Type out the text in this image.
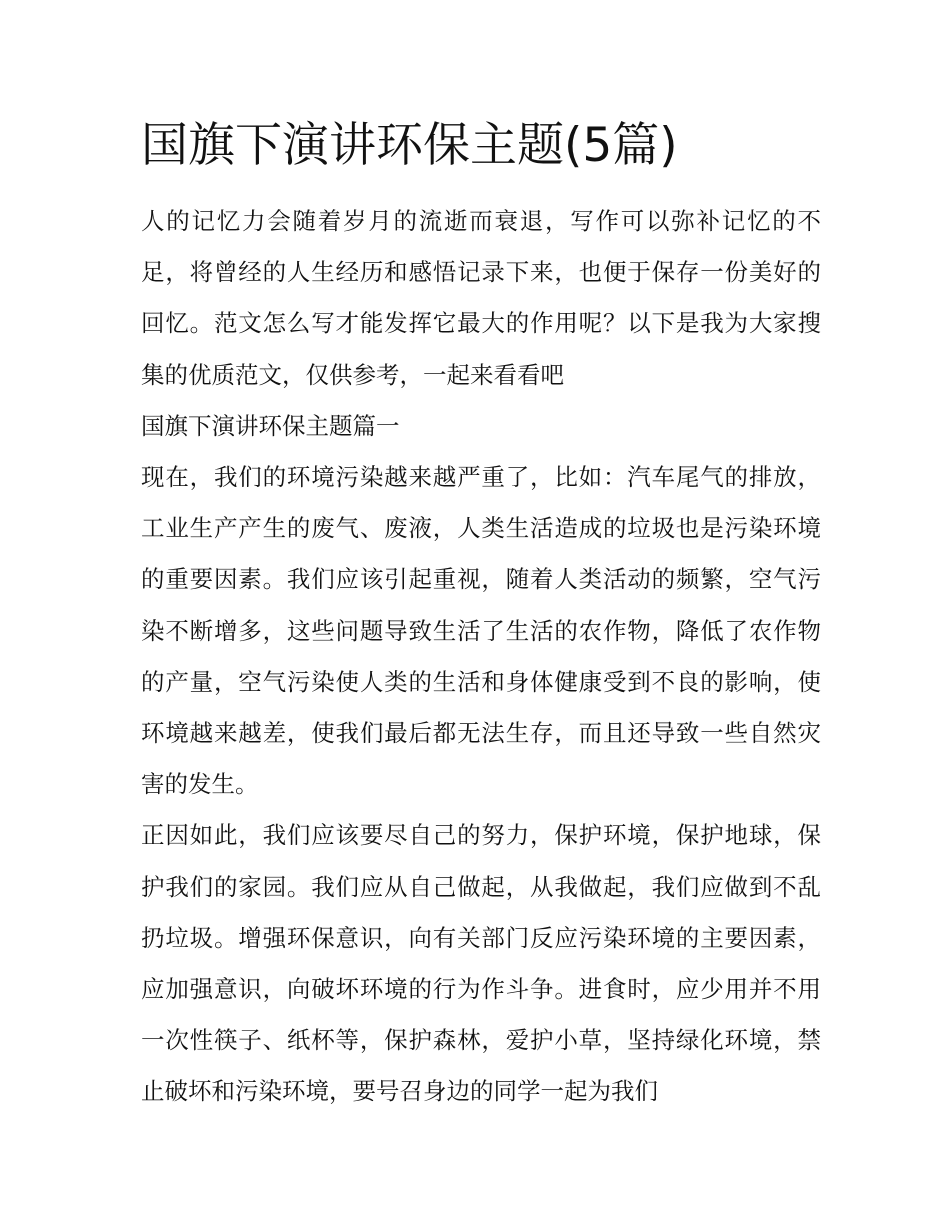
国旗下演讲环保主题(5篇)

人的记忆力会随着岁月的流逝而衰退，写作可以弥补记忆的不足，将曾经的人生经历和感悟记录下来，也便于保存一份美好的回忆。范文怎么写才能发挥它最大的作用呢？以下是我为大家搜集的优质范文，仅供参考，一起来看看吧

国旗下演讲环保主题篇一

现在，我们的环境污染越来越严重了，比如：汽车尾气的排放，工业生产产生的废气、废液，人类生活造成的垃圾也是污染环境的重要因素。我们应该引起重视，随着人类活动的频繁，空气污染不断增多，这些问题导致生活了生活的农作物，降低了农作物的产量，空气污染使人类的生活和身体健康受到不良的影响，使环境越来越差，使我们最后都无法生存，而且还导致一些自然灾害的发生。

正因如此，我们应该要尽自己的努力，保护环境，保护地球，保护我们的家园。我们应从自己做起，从我做起，我们应做到不乱扔垃圾。增强环保意识，向有关部门反应污染环境的主要因素，应加强意识，向破坏环境的行为作斗争。进食时，应少用并不用一次性筷子、纸杯等，保护森林，爱护小草，坚持绿化环境，禁止破坏和污染环境，要号召身边的同学一起为我们
